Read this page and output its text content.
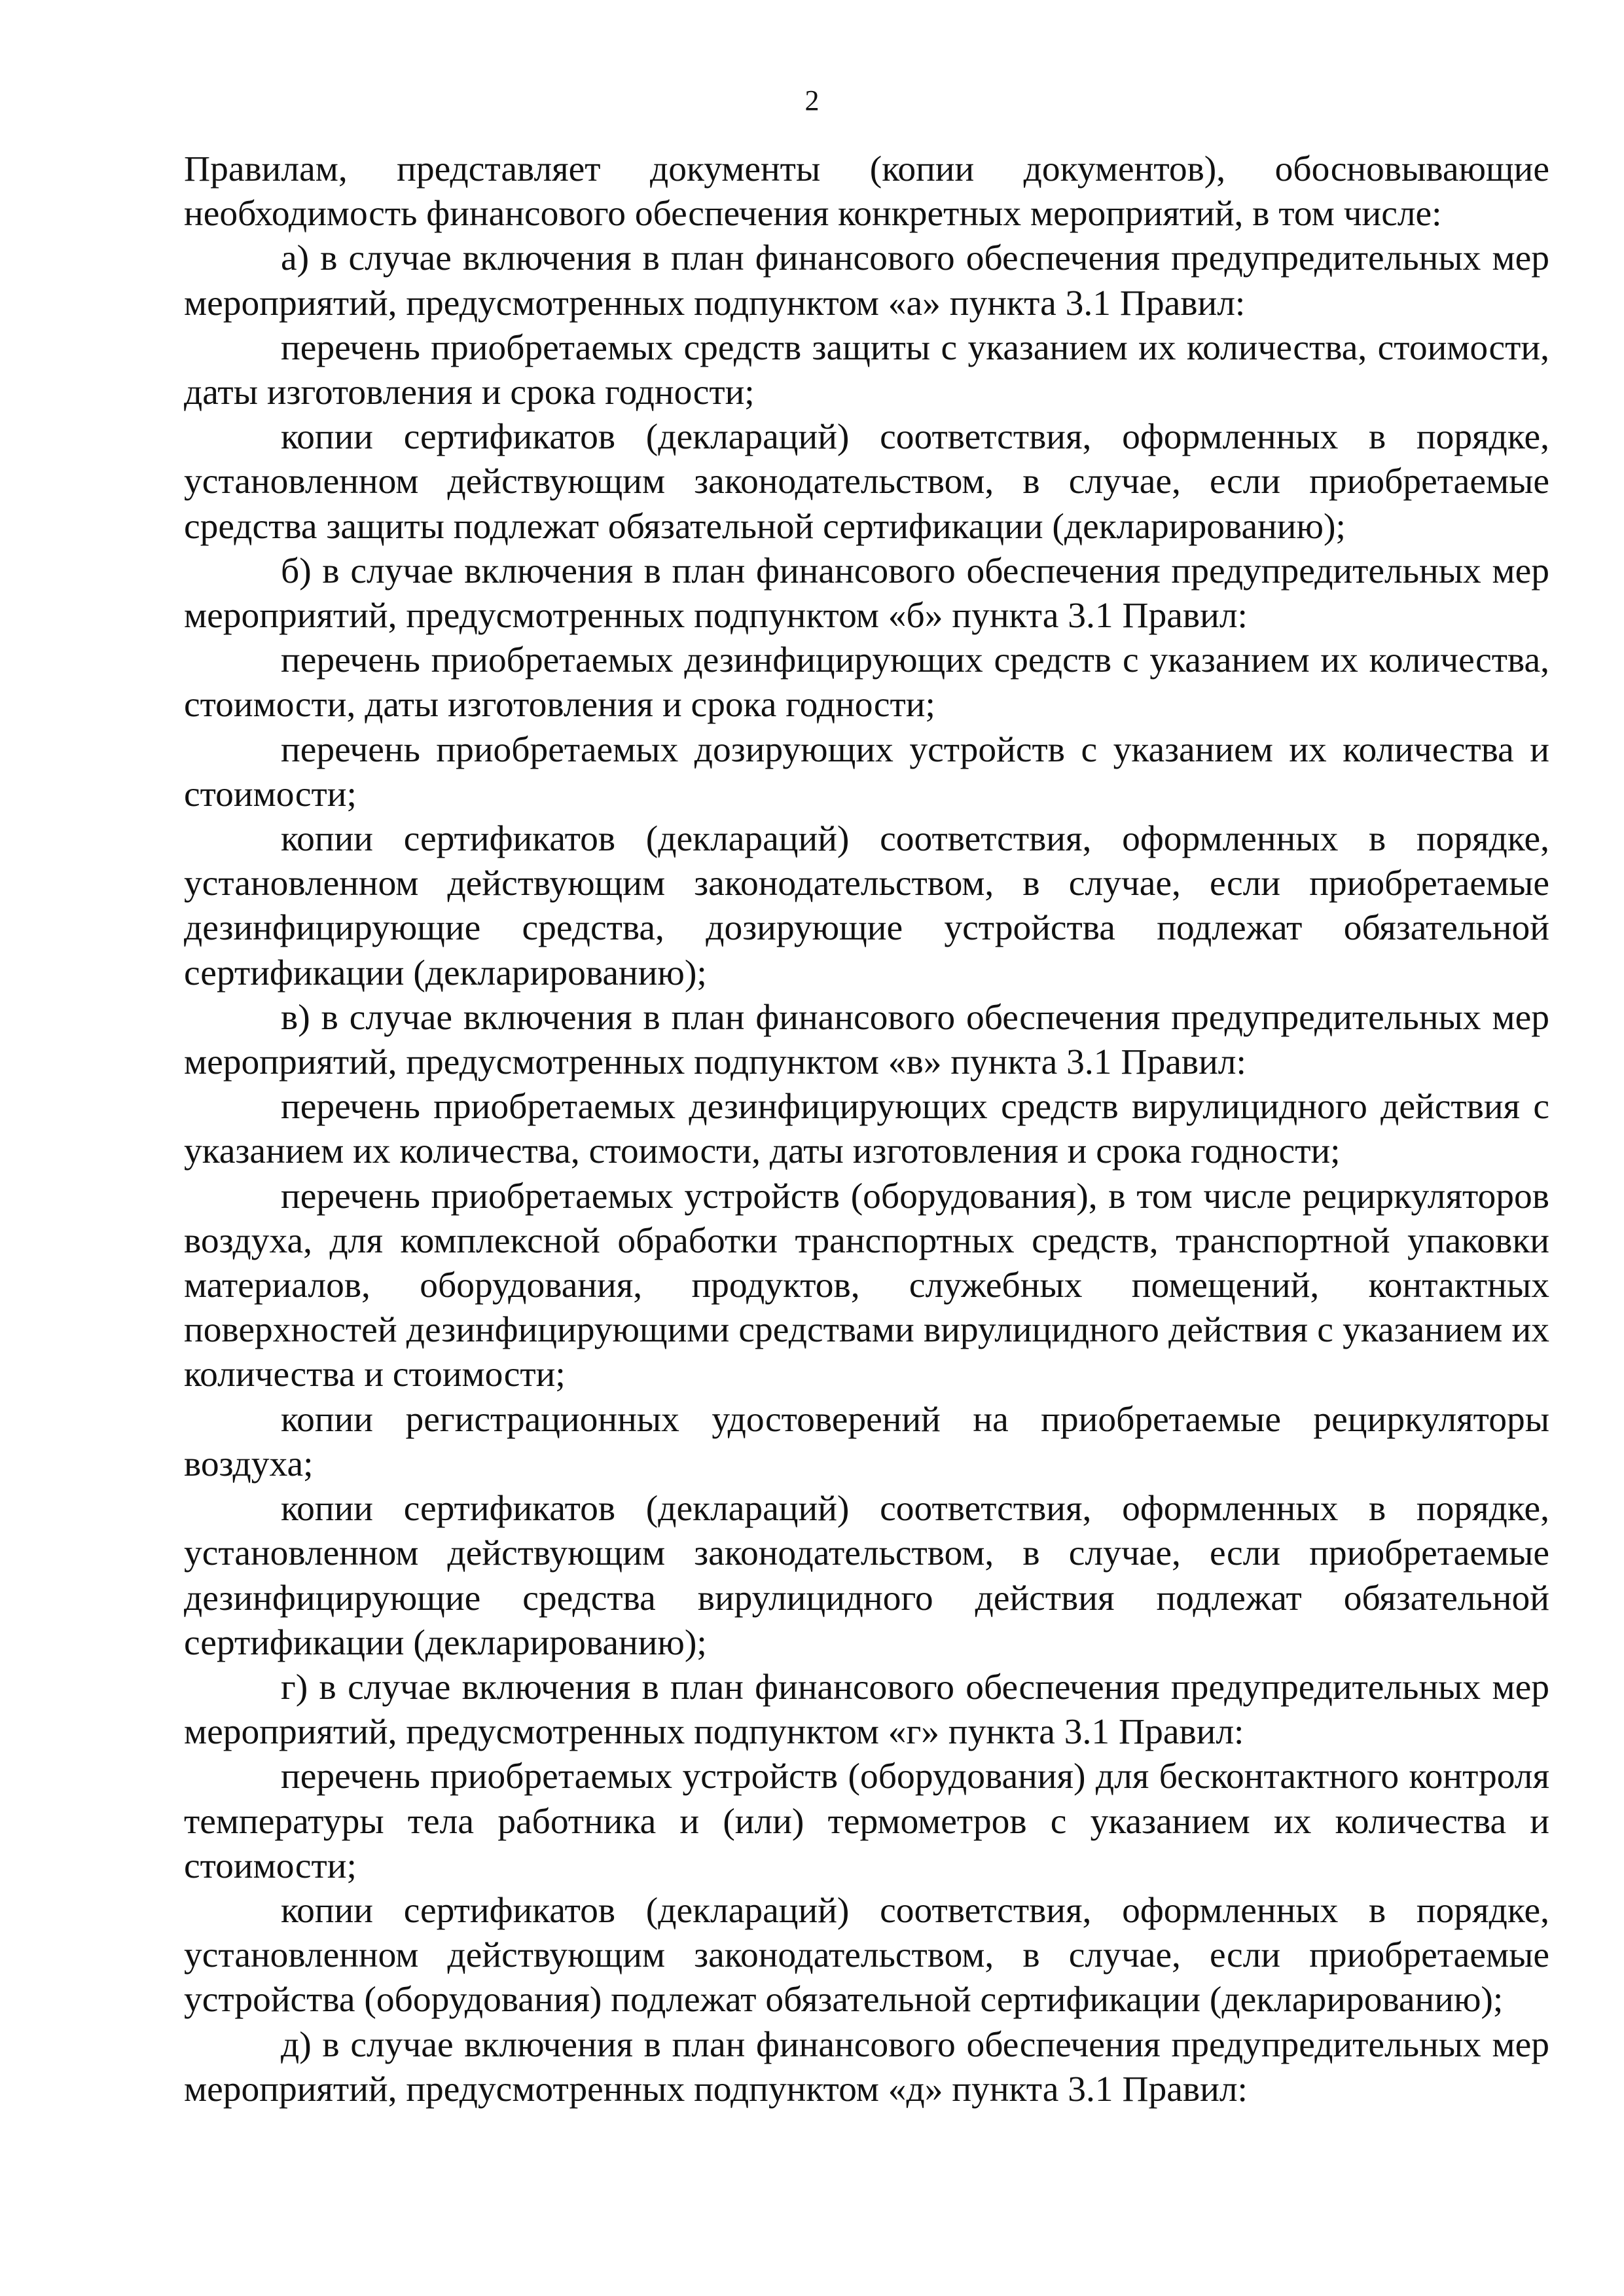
2

Правилам, представляет документы (копии документов), обосновывающие необходимость финансового обеспечения конкретных мероприятий, в том числе:

а) в случае включения в план финансового обеспечения предупредительных мер мероприятий, предусмотренных подпунктом «а» пункта 3.1 Правил:

перечень приобретаемых средств защиты с указанием их количества, стоимости, даты изготовления и срока годности;

копии сертификатов (деклараций) соответствия, оформленных в порядке, установленном действующим законодательством, в случае, если приобретаемые средства защиты подлежат обязательной сертификации (декларированию);

б) в случае включения в план финансового обеспечения предупредительных мер мероприятий, предусмотренных подпунктом «б» пункта 3.1 Правил:

перечень приобретаемых дезинфицирующих средств с указанием их количества, стоимости, даты изготовления и срока годности;

перечень приобретаемых дозирующих устройств с указанием их количества и стоимости;

копии сертификатов (деклараций) соответствия, оформленных в порядке, установленном действующим законодательством, в случае, если приобретаемые дезинфицирующие средства, дозирующие устройства подлежат обязательной сертификации (декларированию);

в) в случае включения в план финансового обеспечения предупредительных мер мероприятий, предусмотренных подпунктом «в» пункта 3.1 Правил:

перечень приобретаемых дезинфицирующих средств вирулицидного действия с указанием их количества, стоимости, даты изготовления и срока годности;

перечень приобретаемых устройств (оборудования), в том числе рециркуляторов воздуха, для комплексной обработки транспортных средств, транспортной упаковки материалов, оборудования, продуктов, служебных помещений, контактных поверхностей дезинфицирующими средствами вирулицидного действия с указанием их количества и стоимости;

копии регистрационных удостоверений на приобретаемые рециркуляторы воздуха;

копии сертификатов (деклараций) соответствия, оформленных в порядке, установленном действующим законодательством, в случае, если приобретаемые дезинфицирующие средства вирулицидного действия подлежат обязательной сертификации (декларированию);

г) в случае включения в план финансового обеспечения предупредительных мер мероприятий, предусмотренных подпунктом «г» пункта 3.1 Правил:

перечень приобретаемых устройств (оборудования) для бесконтактного контроля температуры тела работника и (или) термометров с указанием их количества и стоимости;

копии сертификатов (деклараций) соответствия, оформленных в порядке, установленном действующим законодательством, в случае, если приобретаемые устройства (оборудования) подлежат обязательной сертификации (декларированию);

д) в случае включения в план финансового обеспечения предупредительных мер мероприятий, предусмотренных подпунктом «д» пункта 3.1 Правил:
